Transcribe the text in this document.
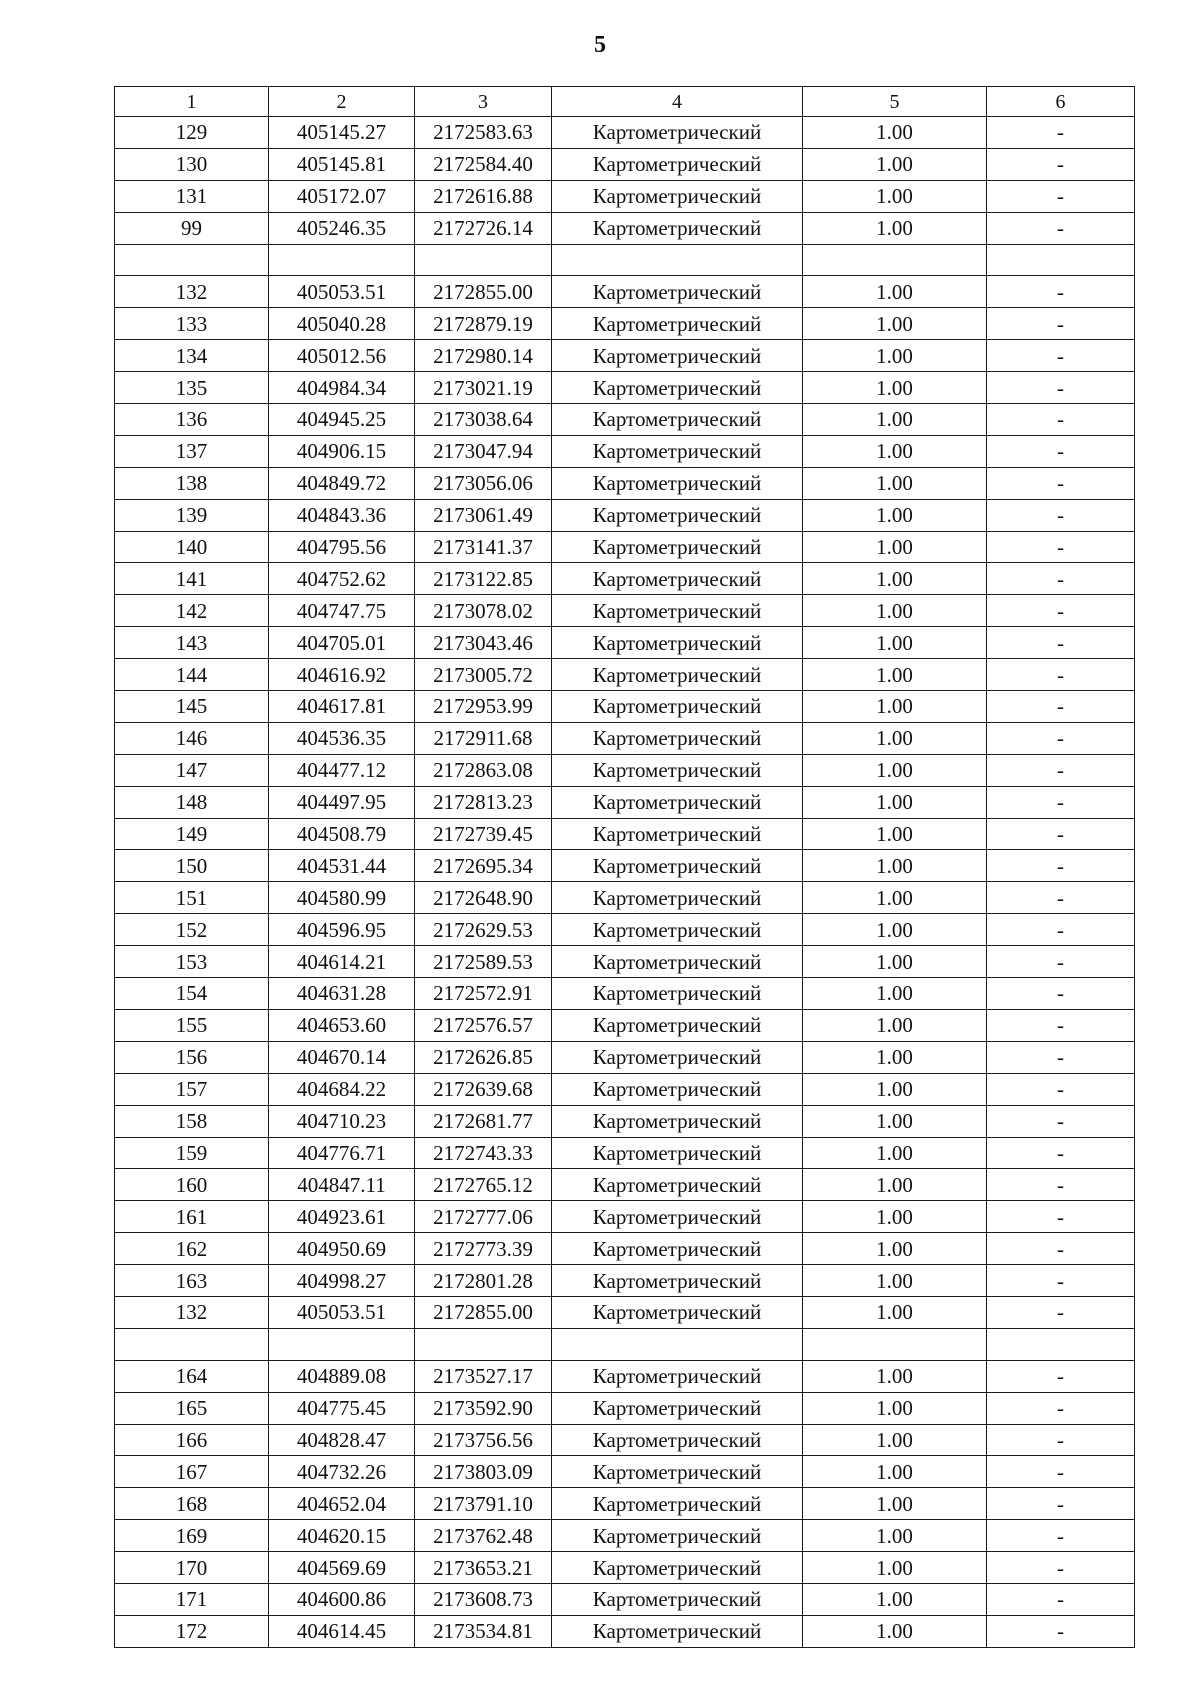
5
1	2	3	4	5	6
129	405145.27	2172583.63	Картометрический	1.00	-
130	405145.81	2172584.40	Картометрический	1.00	-
131	405172.07	2172616.88	Картометрический	1.00	-
99	405246.35	2172726.14	Картометрический	1.00	-

132	405053.51	2172855.00	Картометрический	1.00	-
133	405040.28	2172879.19	Картометрический	1.00	-
134	405012.56	2172980.14	Картометрический	1.00	-
135	404984.34	2173021.19	Картометрический	1.00	-
136	404945.25	2173038.64	Картометрический	1.00	-
137	404906.15	2173047.94	Картометрический	1.00	-
138	404849.72	2173056.06	Картометрический	1.00	-
139	404843.36	2173061.49	Картометрический	1.00	-
140	404795.56	2173141.37	Картометрический	1.00	-
141	404752.62	2173122.85	Картометрический	1.00	-
142	404747.75	2173078.02	Картометрический	1.00	-
143	404705.01	2173043.46	Картометрический	1.00	-
144	404616.92	2173005.72	Картометрический	1.00	-
145	404617.81	2172953.99	Картометрический	1.00	-
146	404536.35	2172911.68	Картометрический	1.00	-
147	404477.12	2172863.08	Картометрический	1.00	-
148	404497.95	2172813.23	Картометрический	1.00	-
149	404508.79	2172739.45	Картометрический	1.00	-
150	404531.44	2172695.34	Картометрический	1.00	-
151	404580.99	2172648.90	Картометрический	1.00	-
152	404596.95	2172629.53	Картометрический	1.00	-
153	404614.21	2172589.53	Картометрический	1.00	-
154	404631.28	2172572.91	Картометрический	1.00	-
155	404653.60	2172576.57	Картометрический	1.00	-
156	404670.14	2172626.85	Картометрический	1.00	-
157	404684.22	2172639.68	Картометрический	1.00	-
158	404710.23	2172681.77	Картометрический	1.00	-
159	404776.71	2172743.33	Картометрический	1.00	-
160	404847.11	2172765.12	Картометрический	1.00	-
161	404923.61	2172777.06	Картометрический	1.00	-
162	404950.69	2172773.39	Картометрический	1.00	-
163	404998.27	2172801.28	Картометрический	1.00	-
132	405053.51	2172855.00	Картометрический	1.00	-

164	404889.08	2173527.17	Картометрический	1.00	-
165	404775.45	2173592.90	Картометрический	1.00	-
166	404828.47	2173756.56	Картометрический	1.00	-
167	404732.26	2173803.09	Картометрический	1.00	-
168	404652.04	2173791.10	Картометрический	1.00	-
169	404620.15	2173762.48	Картометрический	1.00	-
170	404569.69	2173653.21	Картометрический	1.00	-
171	404600.86	2173608.73	Картометрический	1.00	-
172	404614.45	2173534.81	Картометрический	1.00	-
